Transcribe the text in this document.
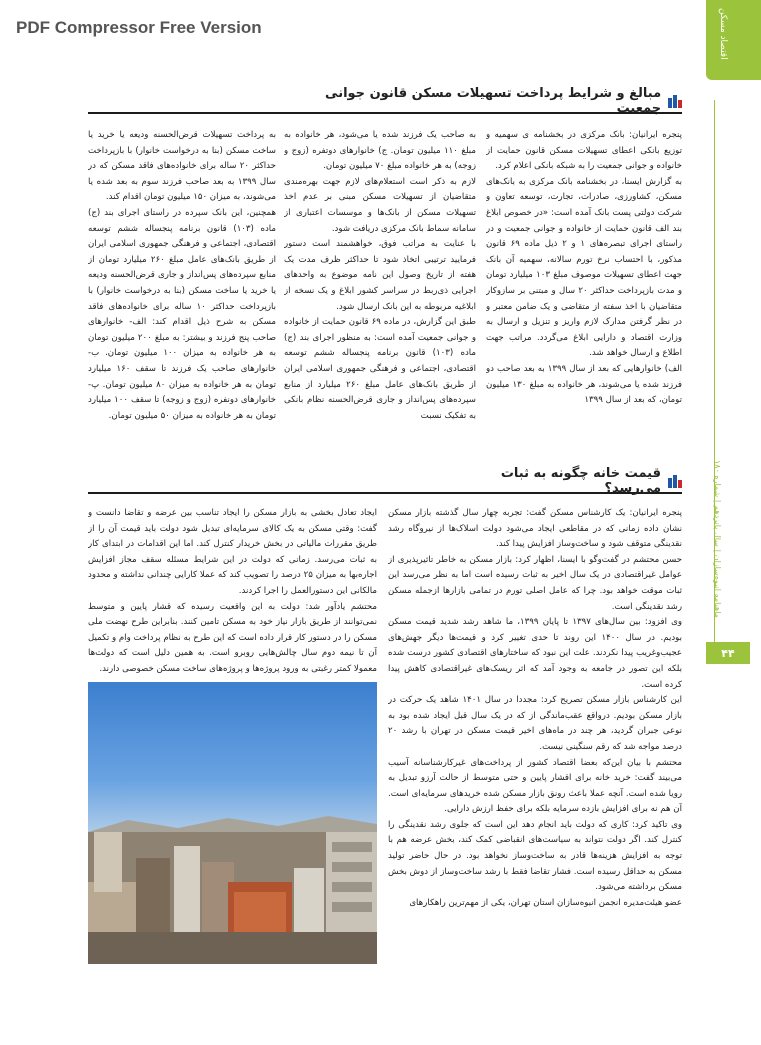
PDF Compressor Free Version	اقتصاد مسکن
ماهنامه انبوه‌سازان | سال پانزدهم | شماره ۱۸۰
۴۴
مبالغ و شرایط پرداخت تسهیلات مسکن قانون جوانی جمعیت

پنجره ایرانیان: بانک مرکزی در بخشنامه ی سهمیه و توزیع بانکی اعطای تسهیلات مسکن قانون حمایت از خانواده و جوانی جمعیت را به شبکه بانکی اعلام کرد.

به گزارش ایسنا، در بخشنامه بانک مرکزی به بانک‌های مسکن، کشاورزی، صادرات، تجارت، توسعه تعاون و شرکت دولتی پست بانک آمده است: «در خصوص ابلاغ بند الف قانون حمایت از خانواده و جوانی جمعیت و در راستای اجرای تبصره‌های ۱ و ۲ ذیل ماده ۶۹ قانون مذکور، با احتساب نرخ تورم سالانه، سهمیه آن بانک جهت اعطای تسهیلات موصوف مبلغ ۱۰۳ میلیارد تومان و مدت بازپرداخت حداکثر ۲۰ سال و مبتنی بر سازوکار متقاضیان با اخذ سفته از متقاضی و یک ضامن معتبر و در نظر گرفتن مدارک لازم واریز و تنزیل و ارسال به وزارت اقتصاد و دارایی ابلاغ می‌گردد. مراتب جهت اطلاع و ارسال خواهد شد.

الف) خانوارهایی که بعد از سال ۱۳۹۹ به بعد صاحب دو فرزند شده یا می‌شوند، هر خانواده به مبلغ ۱۳۰ میلیون تومان، که بعد از سال ۱۳۹۹

به صاحب یک فرزند شده یا می‌شود، هر خانواده به مبلغ ۱۱۰ میلیون تومان. ج) خانوارهای دوتفره (زوج و زوجه) به هر خانواده مبلغ ۷۰ میلیون تومان.

لازم به ذکر است استعلام‌های لازم جهت بهره‌مندی متقاضیان از تسهیلات مسکن مبنی بر عدم اخذ تسهیلات مسکن از بانک‌ها و موسسات اعتباری از سامانه سماط بانک مرکزی دریافت شود.

با عنایت به مراتب فوق، خواهشمند است دستور فرمایید ترتیبی اتخاذ شود تا حداکثر ظرف مدت یک هفته از تاریخ وصول این نامه موضوع به واحدهای اجرایی ذی‌ربط در سراسر کشور ابلاغ و یک نسخه از ابلاغیه مربوطه به این بانک ارسال شود.

طبق این گزارش، در ماده ۶۹ قانون حمایت از خانواده و جوانی جمعیت آمده است: به منظور اجرای بند (ج) ماده (۱۰۳) قانون برنامه پنجساله ششم توسعه اقتصادی، اجتماعی و فرهنگی جمهوری اسلامی ایران از طریق بانک‌های عامل مبلغ ۲۶۰ میلیارد از منابع سپرده‌های پس‌انداز و جاری قرض‌الحسنه نظام بانکی به تفکیک نسبت

به پرداخت تسهیلات قرض‌الحسنه ودیعه یا خرید یا ساخت مسکن (بنا به درخواست خانوار) با بازپرداخت حداکثر ۲۰ ساله برای خانواده‌های فاقد مسکن که در سال ۱۳۹۹ به بعد صاحب فرزند سوم به بعد شده یا می‌شوند، به میزان ۱۵۰ میلیون تومان اقدام کند.

همچنین، این بانک سپرده در راستای اجرای بند (ج) ماده (۱۰۳) قانون برنامه پنجساله ششم توسعه اقتصادی، اجتماعی و فرهنگی جمهوری اسلامی ایران از طریق بانک‌های عامل مبلغ ۲۶۰ میلیارد تومان از منابع سپرده‌های پس‌انداز و جاری قرض‌الحسنه ودیعه یا خرید یا ساخت مسکن (بنا به درخواست خانوار) با بازپرداخت حداکثر ۱۰ ساله برای خانواده‌های فاقد مسکن به شرح ذیل اقدام کند: الف- خانوارهای صاحب پنج فرزند و بیشتر: به مبلغ ۲۰۰ میلیون تومان به هر خانواده به میزان ۱۰۰ میلیون تومان. ب- خانوارهای صاحب یک فرزند تا سقف ۱۶۰ میلیارد تومان به هر خانواده به میزان ۸۰ میلیون تومان. پ- خانوارهای دونفره (زوج و زوجه) تا سقف ۱۰۰ میلیارد تومان به هر خانواده به میزان ۵۰ میلیون تومان.

قیمت خانه چگونه به ثبات می‌رسد؟

پنجره ایرانیان: یک کارشناس مسکن گفت: تجربه چهار سال گذشته بازار مسکن نشان داده زمانی که در مقاطعی ایجاد می‌شود دولت اسلاک‌ها از نیروگاه رشد نقدینگی متوقف شود و ساخت‌وساز افزایش پیدا کند.

حسن محتشم در گفت‌وگو با ایسنا، اظهار کرد: بازار مسکن به خاطر تاثیرپذیری از عوامل غیراقتصادی در یک سال اخیر به ثبات رسیده است اما به نظر می‌رسد این ثبات موقت خواهد بود. چرا که عامل اصلی تورم در تمامی بازارها ازجمله مسکن رشد نقدینگی است.

وی افزود: بین سال‌های ۱۳۹۷ تا پایان ۱۳۹۹، ما شاهد رشد شدید قیمت مسکن بودیم. در سال ۱۴۰۰ این روند تا حدی تغییر کرد و قیمت‌ها دیگر جهش‌های عجیب‌وغریب پیدا نکردند. علت این نبود که ساختارهای اقتصادی کشور درست شده بلکه این تصور در جامعه به وجود آمد که اثر ریسک‌های غیراقتصادی کاهش پیدا کرده است.

این کارشناس بازار مسکن تصریح کرد: مجددا در سال ۱۴۰۱ شاهد یک حرکت در بازار مسکن بودیم. درواقع عقب‌ماندگی از که در یک سال قبل ایجاد شده بود به نوعی جبران گردید، هر چند در ماه‌های اخیر قیمت مسکن در تهران با رشد ۲۰ درصد مواجه شد که رقم سنگینی نیست.

محتشم با بیان این‌که بعضا اقتصاد کشور از پرداخت‌های غیرکارشناسانه آسیب می‌بیند گفت: خرید خانه برای اقشار پایین و حتی متوسط از حالت آرزو تبدیل به رویا شده است. آنچه عملا باعث رونق بازار مسکن شده خریدهای سرمایه‌ای است. آن هم نه برای افزایش بازده سرمایه بلکه برای حفظ ارزش دارایی.

وی تاکید کرد: کاری که دولت باید انجام دهد این است که جلوی رشد نقدینگی را کنترل کند. اگر دولت نتواند به سیاست‌های انقباضی کمک کند، بخش عرضه هم با توجه به افزایش هزینه‌ها قادر به ساخت‌وساز نخواهد بود. در حال حاضر تولید مسکن به حداقل رسیده است. فشار تقاضا فقط با رشد ساخت‌وساز از دوش بخش مسکن برداشته می‌شود.

عضو هیئت‌مدیره انجمن انبوه‌سازان استان تهران، یکی از مهم‌ترین راهکارهای

ایجاد تعادل بخشی به بازار مسکن را ایجاد تناسب بین عرضه و تقاضا دانست و گفت: وقتی مسکن به یک کالای سرمایه‌ای تبدیل شود دولت باید قیمت آن را از طریق مقررات مالیاتی در بخش خریدار کنترل کند. اما این اقدامات در ابتدای کار به ثبات می‌رسد. زمانی که دولت در این شرایط مسئله سقف مجاز افزایش اجاره‌بها به میزان ۲۵ درصد را تصویب کند که عملا کارایی چندانی نداشته و محدود مالکانی این دستورالعمل را اجرا کردند.

محتشم یادآور شد: دولت به این واقعیت رسیده که قشار پایین و متوسط نمی‌توانند از طریق بازار نیاز خود به مسکن تامین کنند. بنابراین طرح نهضت ملی مسکن را در دستور کار قرار داده است که این طرح به نظام پرداخت وام و تکمیل آن تا نیمه دوم سال چالش‌هایی روبرو است. به همین دلیل است که دولت‌ها معمولا کمتر رغبتی به ورود پروژه‌ها و پروژه‌های ساخت مسکن خصوصی دارند.
